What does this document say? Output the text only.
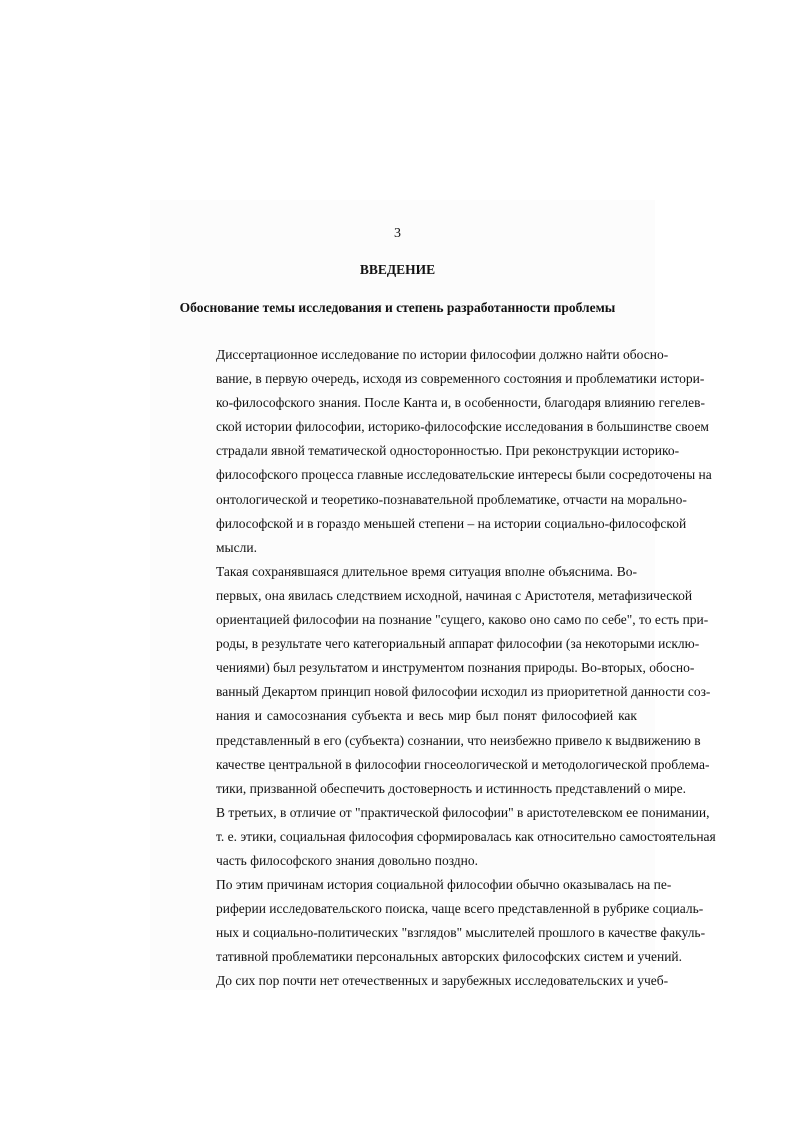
3
ВВЕДЕНИЕ
Обоснование темы исследования и степень разработанности проблемы

Диссертационное исследование по истории философии должно найти обосно-
вание, в первую очередь, исходя из современного состояния и проблематики истори-
ко-философского знания. После Канта и, в особенности, благодаря влиянию гегелев-
ской истории философии, историко-философские исследования в большинстве своем
страдали явной тематической односторонностью. При реконструкции историко-
философского процесса главные исследовательские интересы были сосредоточены на
онтологической и теоретико-познавательной проблематике, отчасти на морально-
философской и в гораздо меньшей степени – на истории социально-философской
мысли.

Такая сохранявшаяся длительное время ситуация вполне объяснима. Во-
первых, она явилась следствием исходной, начиная с Аристотеля, метафизической
ориентацией философии на познание "сущего, каково оно само по себе", то есть при-
роды, в результате чего категориальный аппарат философии (за некоторыми исклю-
чениями) был результатом и инструментом познания природы. Во-вторых, обосно-
ванный Декартом принцип новой философии исходил из приоритетной данности соз-
нания и самосознания субъекта и весь мир был понят философией как
представленный в его (субъекта) сознании, что неизбежно привело к выдвижению в
качестве центральной в философии гносеологической и методологической проблема-
тики, призванной обеспечить достоверность и истинность представлений о мире.
В третьих, в отличие от "практической философии" в аристотелевском ее понимании,
т. е. этики, социальная философия сформировалась как относительно самостоятельная
часть философского знания довольно поздно.

По этим причинам история социальной философии обычно оказывалась на пе-
риферии исследовательского поиска, чаще всего представленной в рубрике социаль-
ных и социально-политических "взглядов" мыслителей прошлого в качестве факуль-
тативной проблематики персональных авторских философских систем и учений.

До сих пор почти нет отечественных и зарубежных исследовательских и учеб-
